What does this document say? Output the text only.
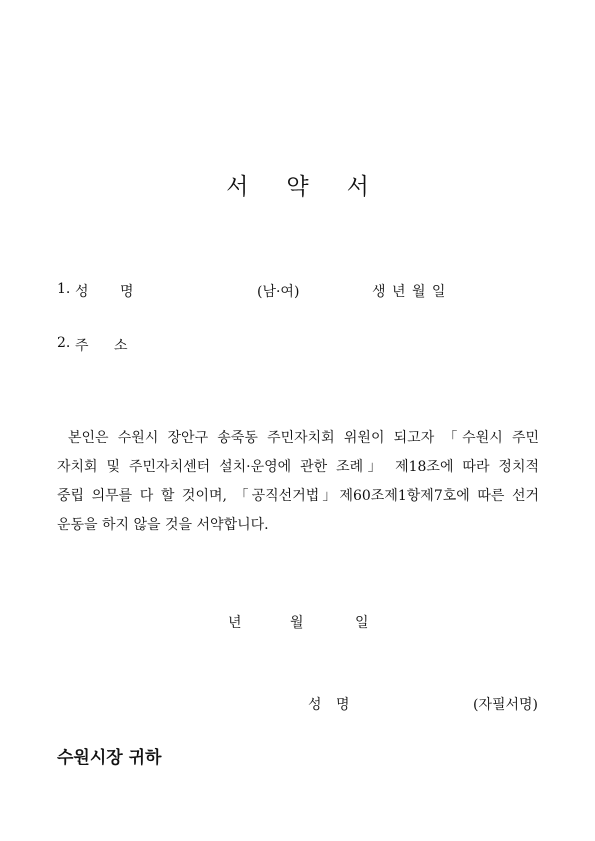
서약서
1. 성 명	(남·여)	생 년 월 일
2. 주 소
본인은 수원시 장안구 송죽동 주민자치회 위원이 되고자 「수원시 주민
자치회 및 주민자치센터 설치·운영에 관한 조례」 제18조에 따라 정치적
중립 의무를 다 할 것이며, 「공직선거법」제60조제1항제7호에 따른 선거
운동을 하지 않을 것을 서약합니다.
년	월	일
성 명	(자필서명)
수원시장 귀하
